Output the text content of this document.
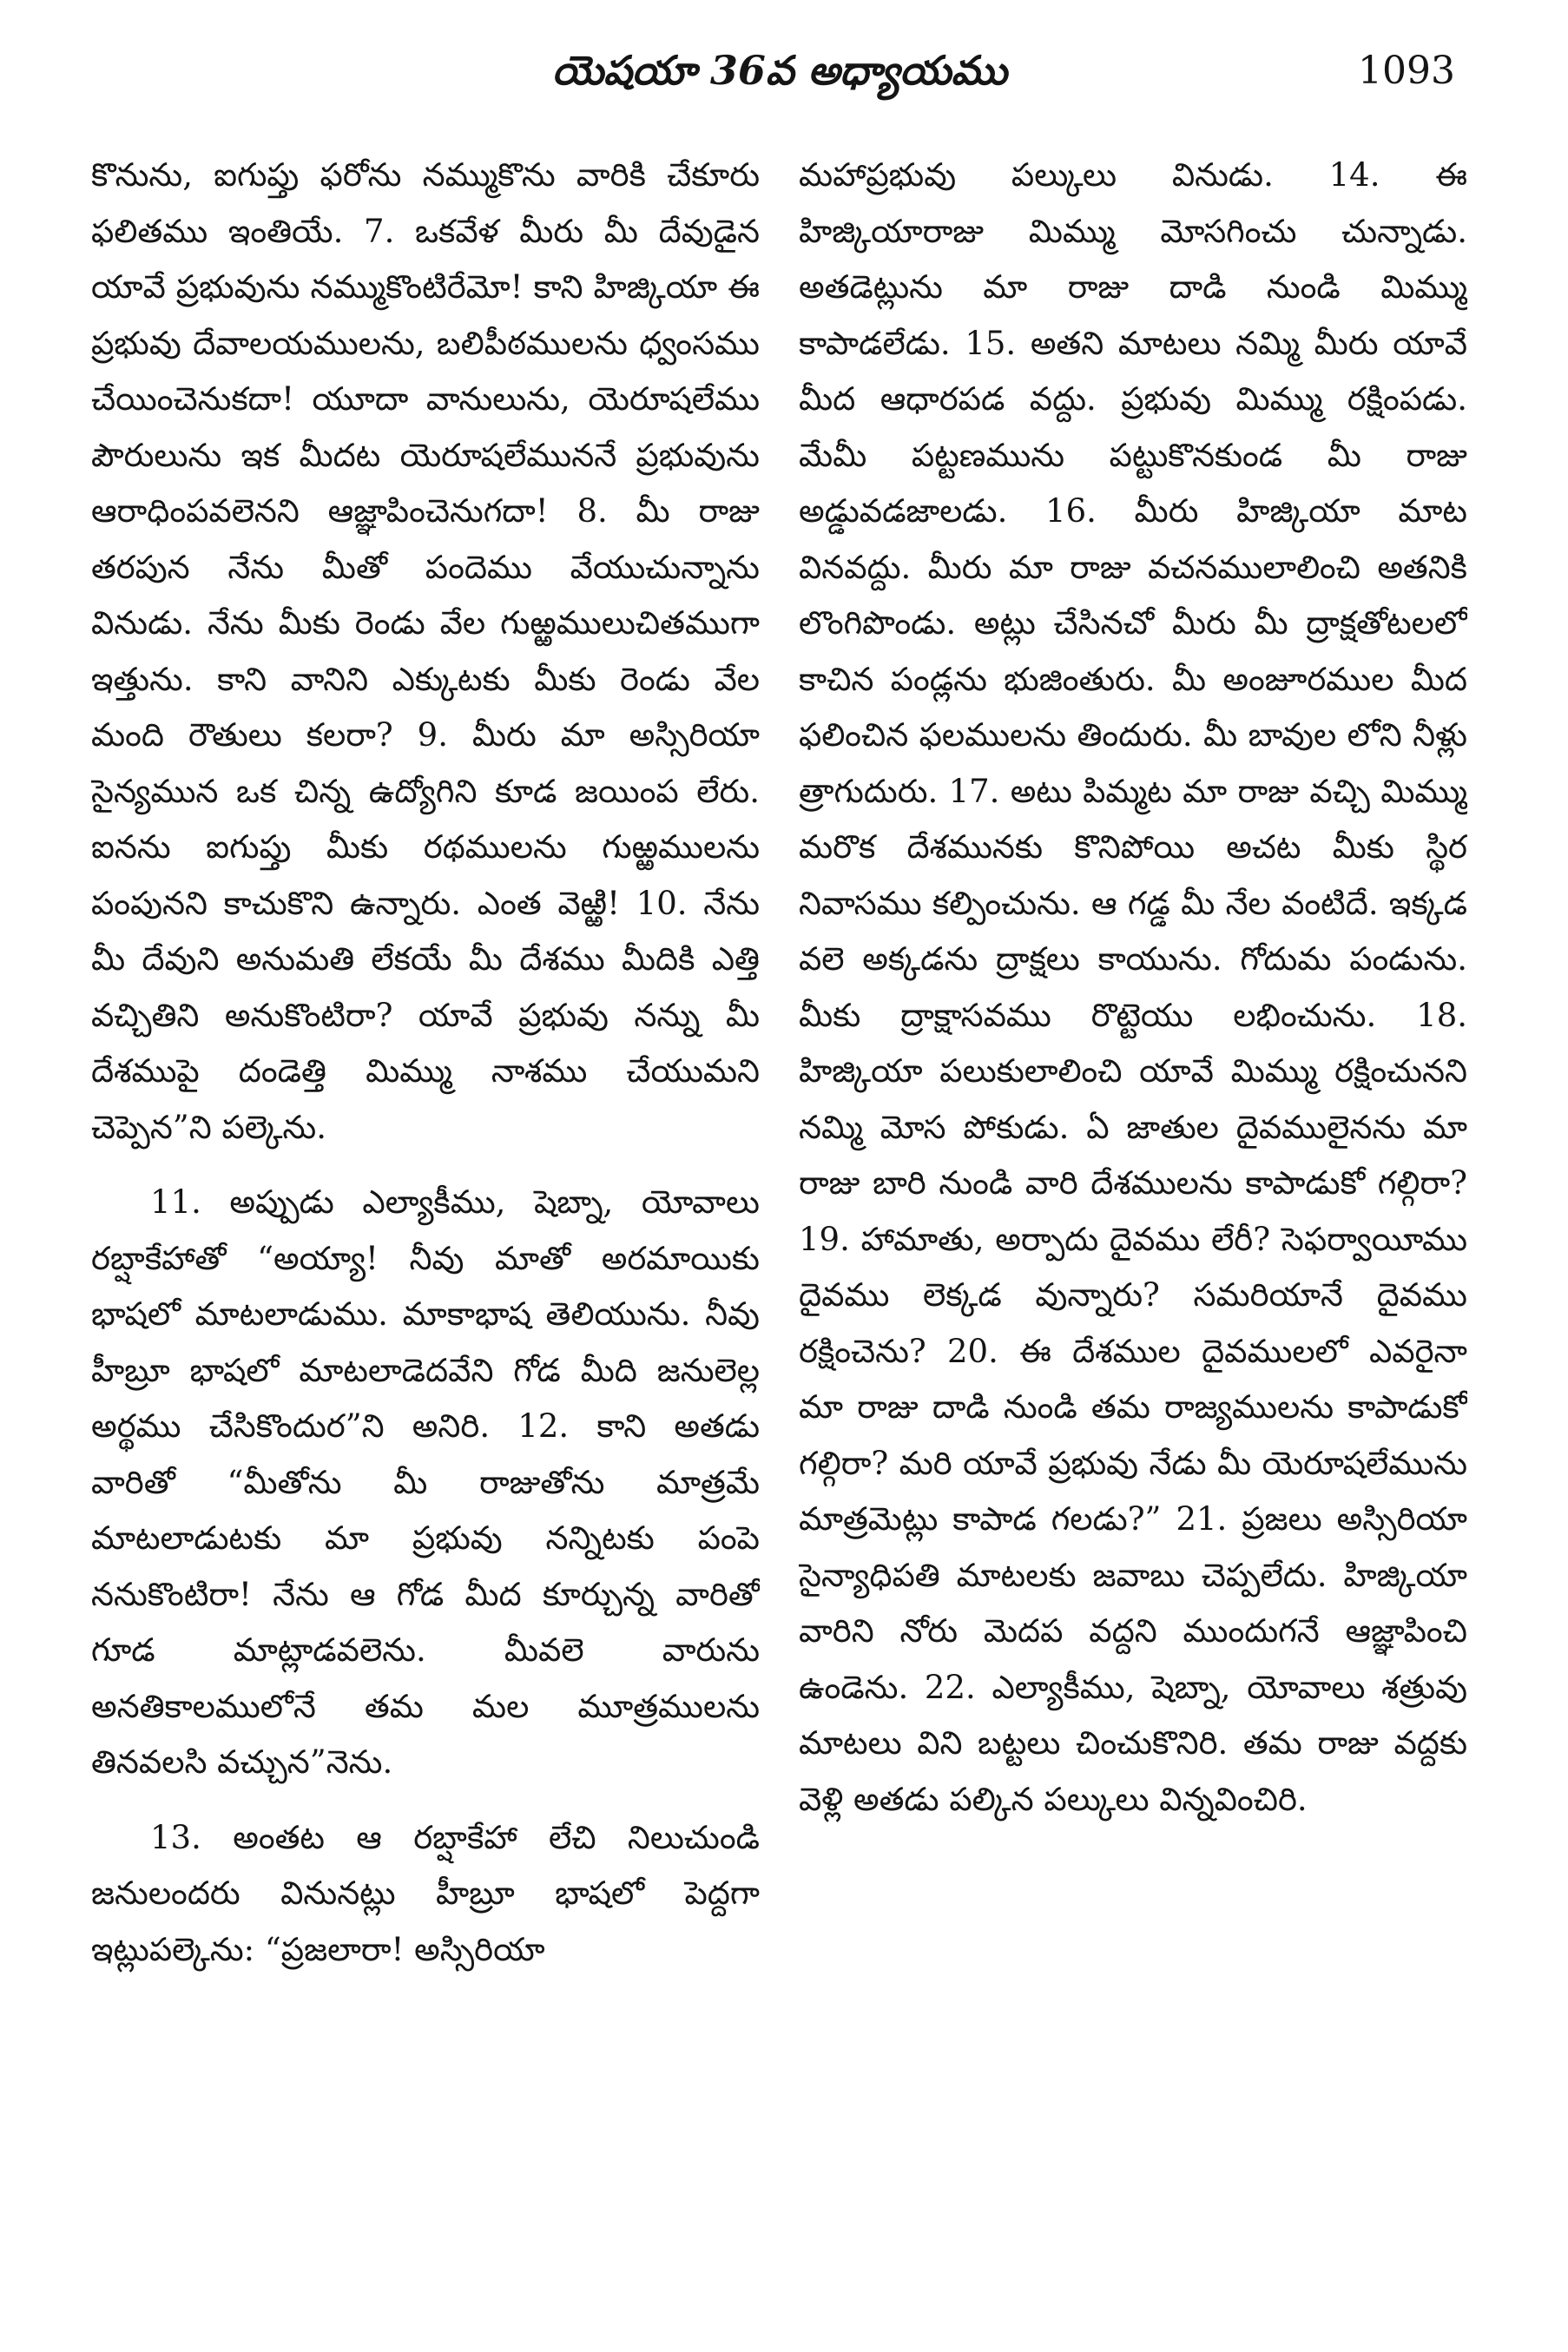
యెషయా 36వ అధ్యాయము	1093

కొనును, ఐగుప్తు ఫరోను నమ్ముకొను వారికి చేకూరు ఫలితము ఇంతియే. 7. ఒకవేళ మీరు మీ దేవుడైన యావే ప్రభువును నమ్ముకొంటిరేమో! కాని హిజ్కియా ఈ ప్రభువు దేవాలయములను, బలిపీఠములను ధ్వంసము చేయించెనుకదా! యూదా వానులును, యెరూషలేము పౌరులును ఇక మీదట యెరూషలేముననే ప్రభువును ఆరాధింపవలెనని ఆజ్ఞాపించెనుగదా! 8. మీ రాజు తరపున నేను మీతో పందెము వేయుచున్నాను వినుడు. నేను మీకు రెండు వేల గుఱ్ఱములుచితముగా ఇత్తును. కాని వానిని ఎక్కుటకు మీకు రెండు వేల మంది రౌతులు కలరా? 9. మీరు మా అస్సిరియా సైన్యమున ఒక చిన్న ఉద్యోగిని కూడ జయింప లేరు. ఐనను ఐగుప్తు మీకు రథములను గుఱ్ఱములను పంపునని కాచుకొని ఉన్నారు. ఎంత వెఱ్ఱి! 10. నేను మీ దేవుని అనుమతి లేకయే మీ దేశము మీదికి ఎత్తి వచ్చితిని అనుకొంటిరా? యావే ప్రభువు నన్ను మీ దేశముపై దండెత్తి మిమ్ము నాశము చేయుమని చెప్పెన”ని పల్కెను.

11. అప్పుడు ఎల్యాకీము, షెబ్నా, యోవాలు రబ్షాకేహాతో “అయ్యా! నీవు మాతో అరమాయికు భాషలో మాటలాడుము. మాకాభాష తెలియును. నీవు హీబ్రూ భాషలో మాటలాడెదవేని గోడ మీది జనులెల్ల అర్థము చేసికొందుర”ని అనిరి. 12. కాని అతడు వారితో “మీతోను మీ రాజుతోను మాత్రమే మాటలాడుటకు మా ప్రభువు నన్నిటకు పంపె ననుకొంటిరా! నేను ఆ గోడ మీద కూర్చున్న వారితో గూడ మాట్లాడవలెను. మీవలె వారును అనతికాలములోనే తమ మల మూత్రములను తినవలసి వచ్చున”నెను.

13. అంతట ఆ రబ్షాకేహా లేచి నిలుచుండి జనులందరు వినునట్లు హీబ్రూ భాషలో పెద్దగా ఇట్లుపల్కెను: “ప్రజలారా! అస్సిరియా

మహాప్రభువు పల్కులు వినుడు. 14. ఈ హిజ్కియారాజు మిమ్ము మోసగించు చున్నాడు. అతడెట్లును మా రాజు దాడి నుండి మిమ్ము కాపాడలేడు. 15. అతని మాటలు నమ్మి మీరు యావే మీద ఆధారపడ వద్దు. ప్రభువు మిమ్ము రక్షింపడు. మేమీ పట్టణమును పట్టుకొనకుండ మీ రాజు అడ్డువడజాలడు. 16. మీరు హిజ్కియా మాట వినవద్దు. మీరు మా రాజు వచనములాలించి అతనికి లొంగిపొండు. అట్లు చేసినచో మీరు మీ ద్రాక్షతోటలలో కాచిన పండ్లను భుజింతురు. మీ అంజూరముల మీద ఫలించిన ఫలములను తిందురు. మీ బావుల లోని నీళ్లు త్రాగుదురు. 17. అటు పిమ్మట మా రాజు వచ్చి మిమ్ము మరొక దేశమునకు కొనిపోయి అచట మీకు స్థిర నివాసము కల్పించును. ఆ గడ్డ మీ నేల వంటిదే. ఇక్కడ వలె అక్కడను ద్రాక్షలు కాయును. గోదుమ పండును. మీకు ద్రాక్షాసవము రొట్టెయు లభించును. 18. హిజ్కియా పలుకులాలించి యావే మిమ్ము రక్షించునని నమ్మి మోస పోకుడు. ఏ జాతుల దైవములైనను మా రాజు బారి నుండి వారి దేశములను కాపాడుకో గల్గిరా? 19. హామాతు, అర్పాదు దైవము లేరీ? సెఫర్వాయీము దైవము లెక్కడ వున్నారు? సమరియానే దైవము రక్షించెను? 20. ఈ దేశముల దైవములలో ఎవరైనా మా రాజు దాడి నుండి తమ రాజ్యములను కాపాడుకో గల్గిరా? మరి యావే ప్రభువు నేడు మీ యెరూషలేమును మాత్రమెట్లు కాపాడ గలడు?” 21. ప్రజలు అస్సిరియా సైన్యాధిపతి మాటలకు జవాబు చెప్పలేదు. హిజ్కియా వారిని నోరు మెదప వద్దని ముందుగనే ఆజ్ఞాపించి ఉండెను. 22. ఎల్యాకీము, షెబ్నా, యోవాలు శత్రువు మాటలు విని బట్టలు చించుకొనిరి. తమ రాజు వద్దకు వెళ్లి అతడు పల్కిన పల్కులు విన్నవించిరి.
